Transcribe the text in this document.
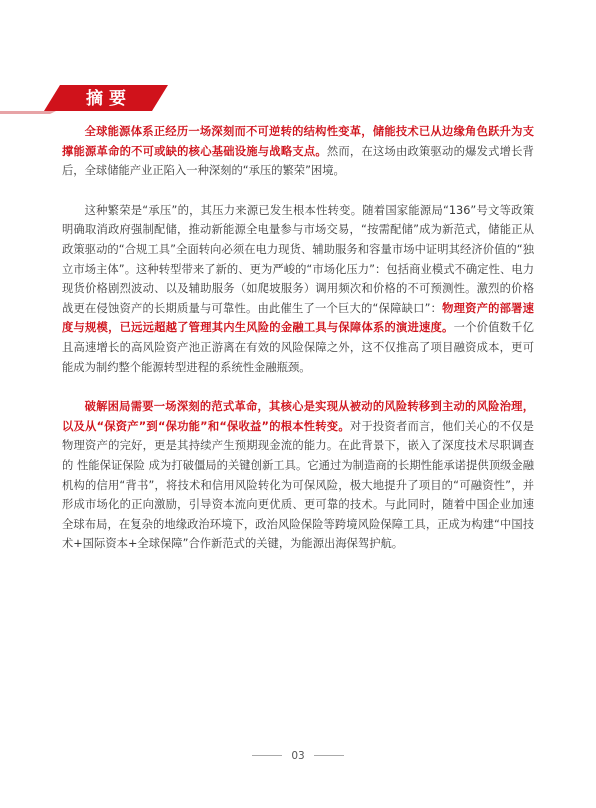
摘要

全球能源体系正经历一场深刻而不可逆转的结构性变革，储能技术已从边缘角色跃升为支撑能源革命的不可或缺的核心基础设施与战略支点。然而，在这场由政策驱动的爆发式增长背后，全球储能产业正陷入一种深刻的“承压的繁荣”困境。

这种繁荣是“承压”的，其压力来源已发生根本性转变。随着国家能源局“136”号文等政策明确取消政府强制配储，推动新能源全电量参与市场交易，“按需配储”成为新范式，储能正从政策驱动的“合规工具”全面转向必须在电力现货、辅助服务和容量市场中证明其经济价值的“独立市场主体”。这种转型带来了新的、更为严峻的“市场化压力”：包括商业模式不确定性、电力现货价格剧烈波动、以及辅助服务（如爬坡服务）调用频次和价格的不可预测性。激烈的价格战更在侵蚀资产的长期质量与可靠性。由此催生了一个巨大的“保障缺口”：物理资产的部署速度与规模，已远远超越了管理其内生风险的金融工具与保障体系的演进速度。一个价值数千亿且高速增长的高风险资产池正游离在有效的风险保障之外，这不仅推高了项目融资成本，更可能成为制约整个能源转型进程的系统性金融瓶颈。

破解困局需要一场深刻的范式革命，其核心是实现从被动的风险转移到主动的风险治理，以及从“保资产”到“保功能”和“保收益”的根本性转变。对于投资者而言，他们关心的不仅是物理资产的完好，更是其持续产生预期现金流的能力。在此背景下，嵌入了深度技术尽职调查的 性能保证保险 成为打破僵局的关键创新工具。它通过为制造商的长期性能承诺提供顶级金融机构的信用“背书”，将技术和信用风险转化为可保风险，极大地提升了项目的“可融资性”，并形成市场化的正向激励，引导资本流向更优质、更可靠的技术。与此同时，随着中国企业加速全球布局，在复杂的地缘政治环境下，政治风险保险等跨境风险保障工具，正成为构建“中国技术+国际资本+全球保障”合作新范式的关键，为能源出海保驾护航。

03
